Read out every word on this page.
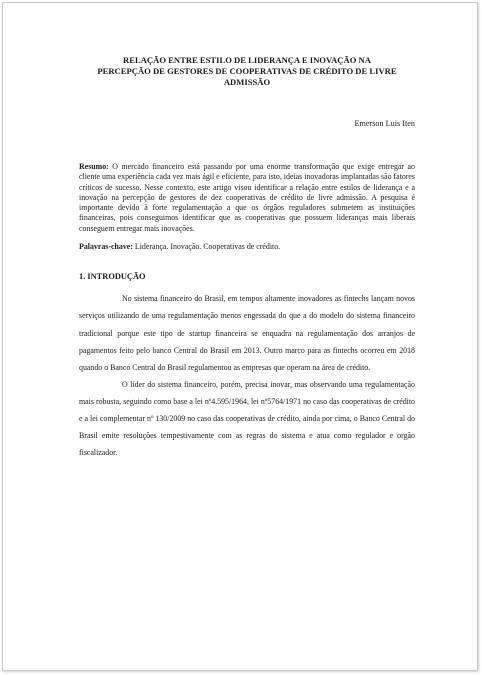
RELAÇÃO ENTRE ESTILO DE LIDERANÇA E INOVAÇÃO NA
PERCEPÇÃO DE GESTORES DE COOPERATIVAS DE CRÉDITO DE LIVRE
ADMISSÃO
Emerson Luis Iten
Resumo: O mercado financeiro está passando por uma enorme transformação que exige entregar ao cliente uma experiência cada vez mais ágil e eficiente, para isto, ideias inovadoras implantadas são fatores críticos de sucesso. Nesse contexto, este artigo visou identificar a relação entre estilos de liderança e a inovação na percepção de gestores de dez cooperativas de crédito de livre admissão. A pesquisa é importante devido à forte regulamentação a que os órgãos reguladores submetem as instituições financeiras, pois conseguimos identificar que as cooperativas que possuem lideranças mais liberais conseguem entregar mais inovações.
Palavras-chave: Liderança. Inovação. Cooperativas de crédito.
1. INTRODUÇÃO

No sistema financeiro do Brasil, em tempos altamente inovadores as fintechs lançam novos serviços utilizando de uma regulamentação menos engessada do que a do modelo do sistema financeiro tradicional porque este tipo de startup financeira se enquadra na regulamentação dos arranjos de pagamentos feito pelo banco Central do Brasil em 2013. Outro marco para as fintechs ocorreu em 2018 quando o Banco Central do Brasil regulamentou as empresas que operam na área de crédito.

O líder do sistema financeiro, porém, precisa inovar, mas observando uma regulamentação mais robusta, seguindo como base a lei nº4.595/1964, lei nº5764/1971 no caso das cooperativas de crédito e a lei complementar nº 130/2009 no caso das cooperativas de crédito, ainda por cima, o Banco Central do Brasil emite resoluções tempestivamente com as regras do sistema e atua como regulador e orgão fiscalizador.
